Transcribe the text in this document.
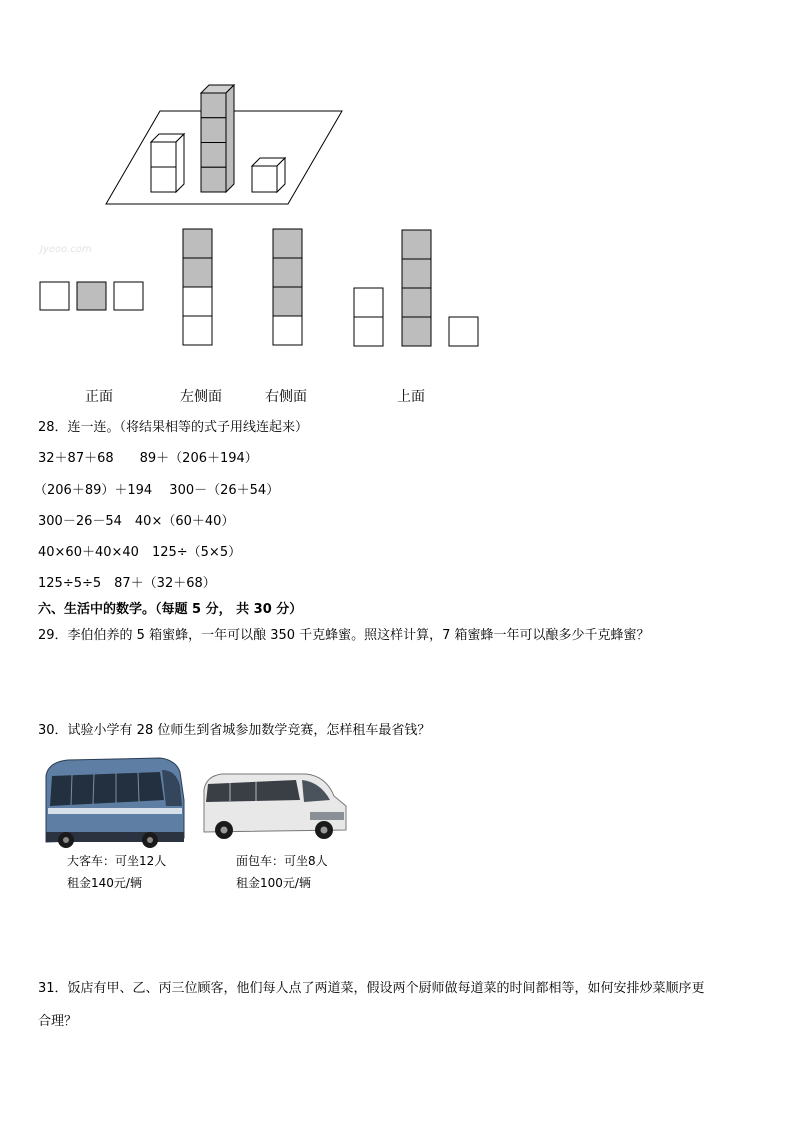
Jyeoo.com
正面	左侧面	右侧面	上面
28．连一连。（将结果相等的式子用线连起来）
32＋87＋68　　89＋（206＋194）
（206＋89）＋194　 300－（26＋54）
300－26－54　40×（60＋40）
40×60＋40×40　125÷（5×5）
125÷5÷5　87＋（32＋68）
六、生活中的数学。（每题 5 分， 共 30 分）
29．李伯伯养的 5 箱蜜蜂，一年可以酿 350 千克蜂蜜。照这样计算，7 箱蜜蜂一年可以酿多少千克蜂蜜？
30．试验小学有 28 位师生到省城参加数学竞赛，怎样租车最省钱？
大客车：可坐12人
租金140元/辆
面包车：可坐8人
租金100元/辆
31．饭店有甲、乙、丙三位顾客，他们每人点了两道菜，假设两个厨师做每道菜的时间都相等，如何安排炒菜顺序更
合理？
